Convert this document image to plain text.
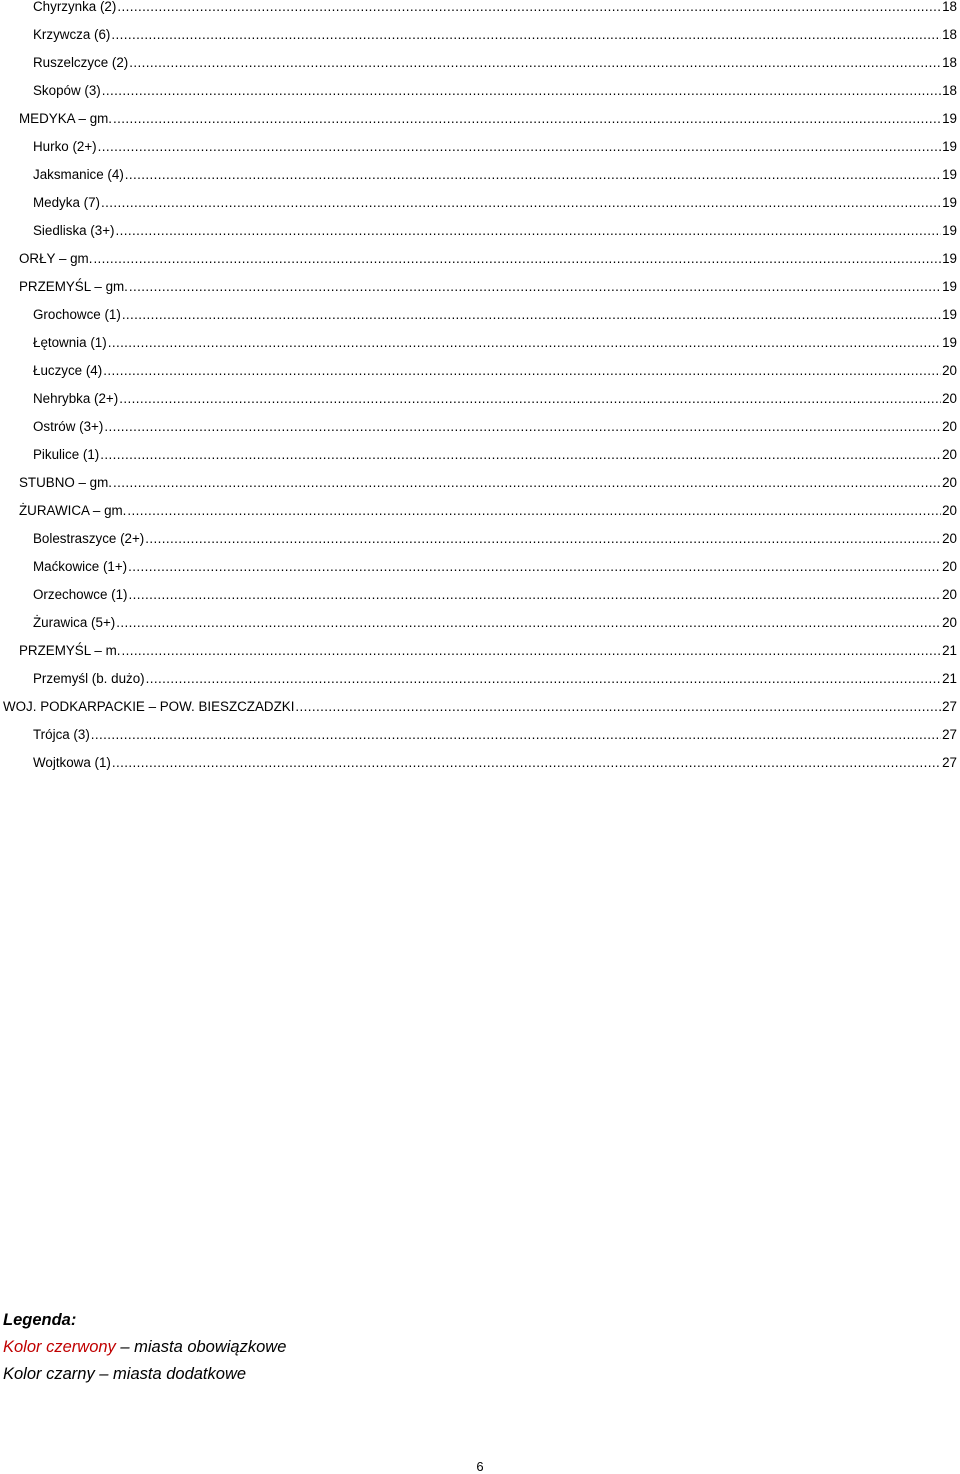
Chyrzynka (2) .....	18
Krzywcza (6) .....	18
Ruszelczyce (2) .....	18
Skopów (3) .....	18
MEDYKA – gm. .....	19
Hurko (2+) .....	19
Jaksmanice (4) .....	19
Medyka (7) .....	19
Siedliska (3+) .....	19
ORŁY – gm. .....	19
PRZEMYŚL – gm. .....	19
Grochowce (1) .....	19
Łętownia (1) .....	19
Łuczyce (4) .....	20
Nehrybka (2+) .....	20
Ostrów (3+) .....	20
Pikulice (1) .....	20
STUBNO – gm. .....	20
ŻURAWICA – gm. .....	20
Bolestraszyce (2+) .....	20
Maćkowice (1+) .....	20
Orzechowce (1) .....	20
Żurawica (5+) .....	20
PRZEMYŚL – m. .....	21
Przemyśl (b. dużo) .....	21
WOJ. PODKARPACKIE – POW. BIESZCZADZKI .....	27
Trójca (3) .....	27
Wojtkowa (1) .....	27
Legenda:
Kolor czerwony – miasta obowiązkowe
Kolor czarny – miasta dodatkowe
6
